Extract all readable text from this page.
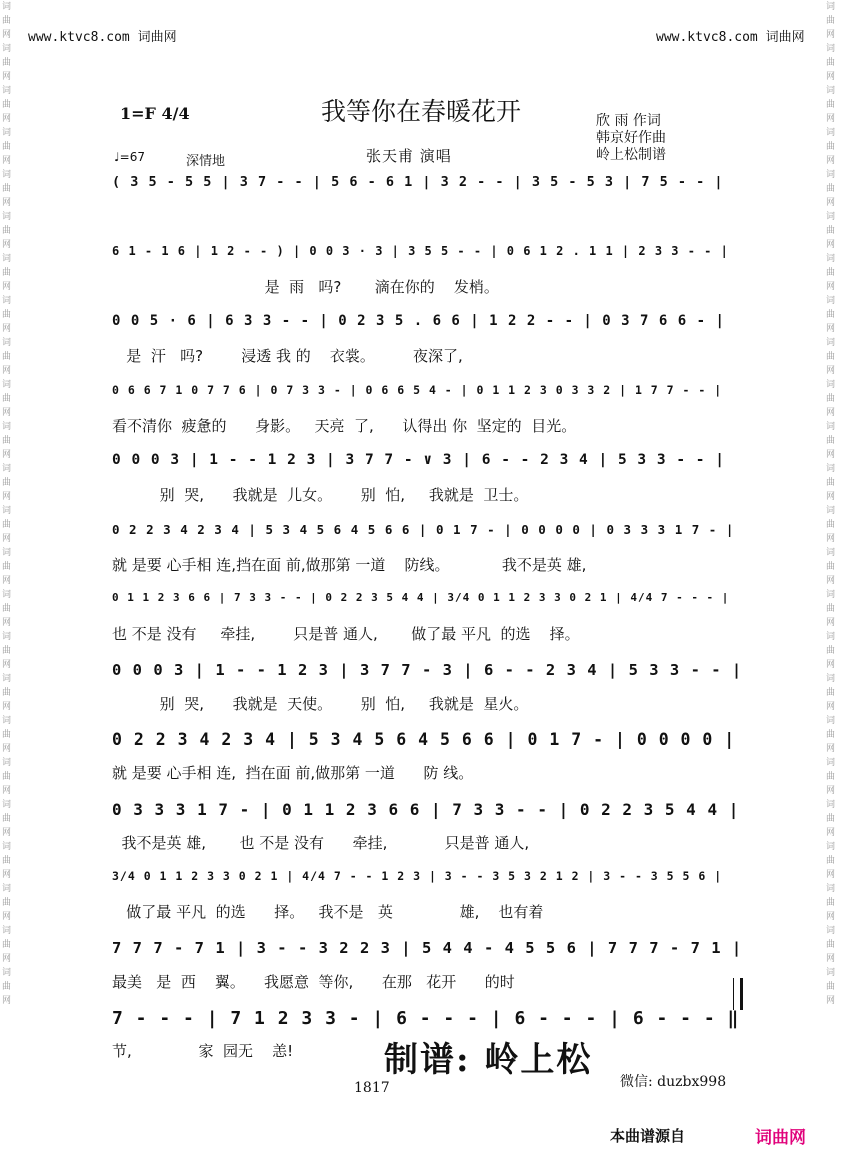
词曲网词曲网词曲网词曲网词曲网词曲网词曲网词曲网词曲网词曲网词曲网词曲网词曲网词曲网词曲网词曲网词曲网词曲网词曲网词曲网词曲网词曲网词曲网词曲网
词曲网词曲网词曲网词曲网词曲网词曲网词曲网词曲网词曲网词曲网词曲网词曲网词曲网词曲网词曲网词曲网词曲网词曲网词曲网词曲网词曲网词曲网词曲网词曲网
www.ktvc8.com 词曲网	www.ktvc8.com 词曲网
1=F 4/4	我等你在春暖花开	欣 雨 作词
韩京好作曲
岭上松制谱
张天甫 演唱
♩=67	深情地
( 3 5 - 5 5 | 3 7 - - | 5 6 - 6 1 | 3 2 - - | 3 5 - 5 3 | 7 5 - - |
6 1 - 1 6 | 1 2 - - ) | 0 0 3 · 3 | 3 5 5 - - | 0 6 1 2 . 1 1 | 2 3 3 - - |
是  雨   吗?       滴在你的    发梢。
0 0 5 · 6 | 6 3 3 - - | 0 2 3 5 . 6 6 | 1 2 2 - - | 0 3 7 6 6 - |
是  汗   吗?        浸透 我 的    衣裳。        夜深了,
0 6 6 7 1 0 7 7 6 | 0 7 3 3 - | 0 6 6 5 4 - | 0 1 1 2 3 0 3 3 2 | 1 7 7 - - |
看不清你  疲惫的      身影。   天亮  了,      认得出 你  坚定的  目光。
0 0 0 3 | 1 - - 1 2 3 | 3 7 7 - ∨ 3 | 6 - - 2 3 4 | 5 3 3 - - |
别  哭,      我就是  儿女。      别  怕,     我就是  卫士。
0 2 2 3 4 2 3 4 | 5 3 4 5 6 4 5 6 6 | 0 1 7 - | 0 0 0 0 | 0 3 3 3 1 7 - |
就 是要 心手相 连,挡在面 前,做那第 一道    防线。           我不是英 雄,
0 1 1 2 3 6 6 | 7 3 3 - - | 0 2 2 3 5 4 4 | 3/4 0 1 1 2 3 3 0 2 1 | 4/4 7 - - - |
也 不是 没有     牵挂,        只是普 通人,       做了最 平凡  的选    择。
0 0 0 3 | 1 - - 1 2 3 | 3 7 7 - 3 | 6 - - 2 3 4 | 5 3 3 - - |
别  哭,      我就是  天使。      别  怕,     我就是  星火。
0 2 2 3 4 2 3 4 | 5 3 4 5 6 4 5 6 6 | 0 1 7 - | 0 0 0 0 |
就 是要 心手相 连,  挡在面 前,做那第 一道      防 线。
0 3 3 3 1 7 - | 0 1 1 2 3 6 6 | 7 3 3 - - | 0 2 2 3 5 4 4 |
我不是英 雄,       也 不是 没有      牵挂,            只是普 通人,
3/4 0 1 1 2 3 3 0 2 1 | 4/4 7 - - 1 2 3 | 3 - - 3 5 3 2 1 2 | 3 - - 3 5 5 6 |
做了最 平凡  的选      择。   我不是   英              雄,    也有着
7 7 7 - 7 1 | 3 - - 3 2 2 3 | 5 4 4 - 4 5 5 6 | 7 7 7 - 7 1 |
最美   是  西    翼。    我愿意  等你,      在那   花开      的时
7 - - - | 7 1 2 3 3 - | 6 - - - | 6 - - - | 6 - - - ‖
节,              家  园无    恙!	制谱: 岭上松
1817	微信: duzbx998
本曲谱源自	词曲网
